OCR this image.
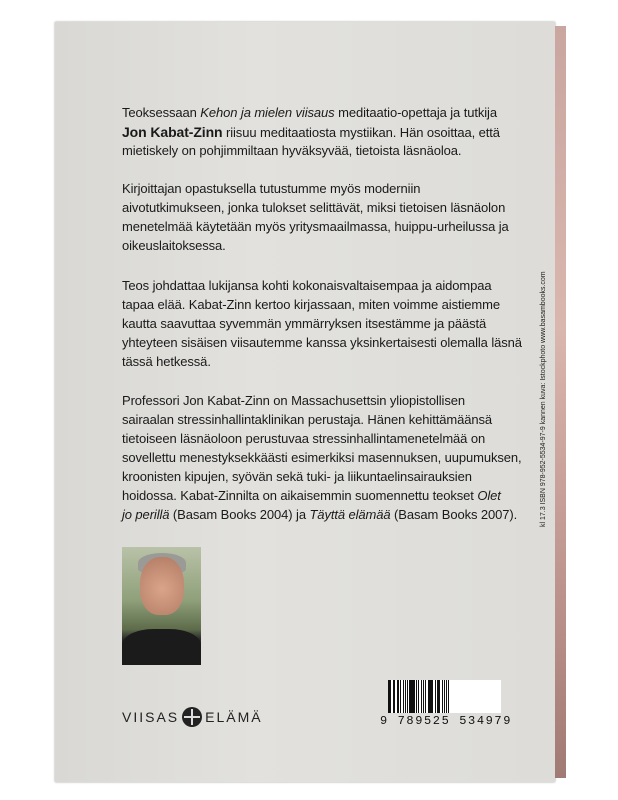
Teoksessaan Kehon ja mielen viisaus meditaatio-opettaja ja tutkija
Jon Kabat-Zinn riisuu meditaatiosta mystiikan. Hän osoittaa, että
mietiskely on pohjimmiltaan hyväksyvää, tietoista läsnäoloa.
Kirjoittajan opastuksella tutustumme myös moderniin
aivotutkimukseen, jonka tulokset selittävät, miksi tietoisen läsnäolon
menetelmää käytetään myös yritysmaailmassa, huippu-urheilussa ja
oikeuslaitoksessa.
Teos johdattaa lukijansa kohti kokonaisvaltaisempaa ja aidompaa
tapaa elää. Kabat-Zinn kertoo kirjassaan, miten voimme aistiemme
kautta saavuttaa syvemmän ymmärryksen itsestämme ja päästä
yhteyteen sisäisen viisautemme kanssa yksinkertaisesti olemalla läsnä
tässä hetkessä.
Professori Jon Kabat-Zinn on Massachusettsin yliopistollisen
sairaalan stressinhallintaklinikan perustaja. Hänen kehittämäänsä
tietoiseen läsnäoloon perustuvaa stressinhallintamenetelmää on
sovellettu menestyksekkäästi esimerkiksi masennuksen, uupumuksen,
kroonisten kipujen, syövän sekä tuki- ja liikuntaelinsairauksien
hoidossa. Kabat-Zinnilta on aikaisemmin suomennettu teokset Olet
jo perillä (Basam Books 2004) ja Täyttä elämää (Basam Books 2007).	kl 17.3 ISBN 978-952-5534-97-9 kannen kuva: Istockphoto www.basambooks.com
VIISAS ELÄMÄ	9 789525 534979
